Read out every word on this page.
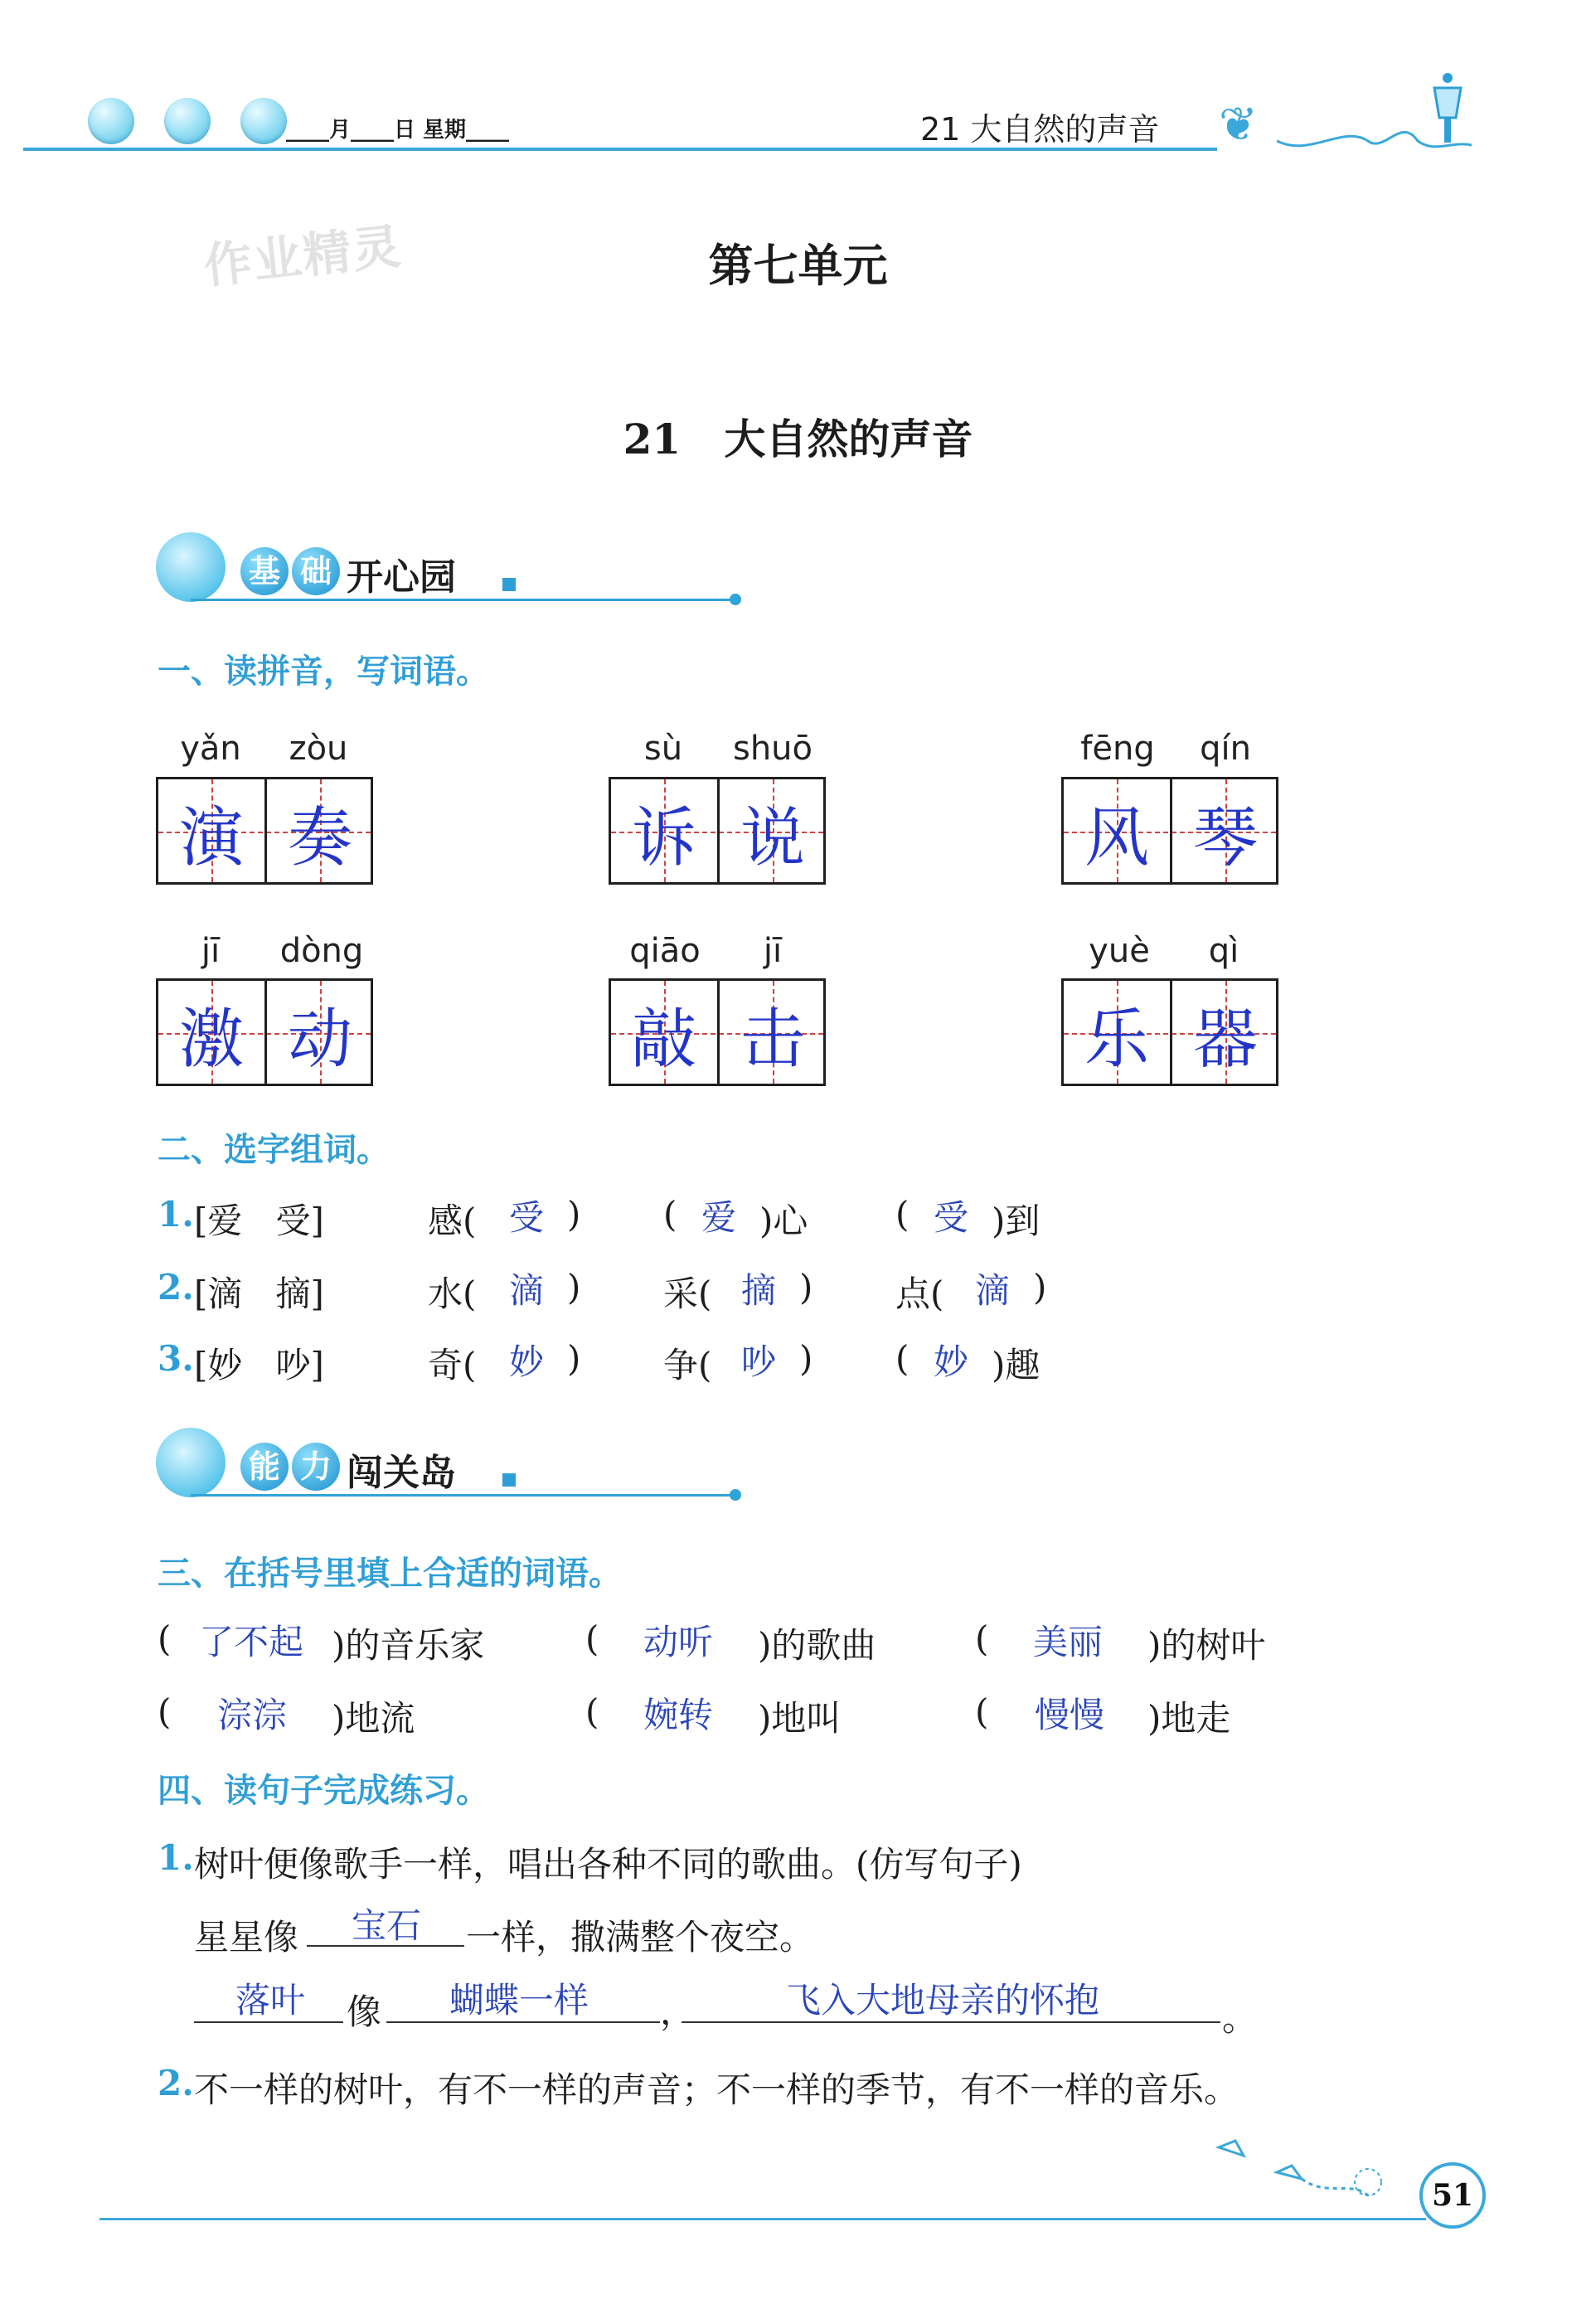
____月____日 星期____	21 大自然的声音 ❦
作业精灵	第七单元
21   大自然的声音
基 础 开心园
一、读拼音，写词语。
yǎn	zòu
演 奏
sù	shuō
诉 说
fēng	qín
风 琴
jī	dòng
激 动
qiāo	jī
敲 击
yuè	qì
乐 器
二、选字组词。
1. [爱   受]	感( 受 ) ( 爱 )心	( 受 )到
2. [滴   摘]	水( 滴 ) 采( 摘 ) 点( 滴 )
3. [妙   吵]	奇( 妙 ) 争( 吵 ) ( 妙 )趣
能 力 闯关岛
三、在括号里填上合适的词语。
( 了不起 )的音乐家	( 动听 )的歌曲	( 美丽 )的树叶
( 淙淙 )地流	( 婉转 )地叫	( 慢慢 )地走
四、读句子完成练习。
1. 树叶便像歌手一样，唱出各种不同的歌曲。(仿写句子)
星星像 宝石 一样，撒满整个夜空。
落叶 像 蝴蝶一样 ，	飞入大地母亲的怀抱	。
2. 不一样的树叶，有不一样的声音；不一样的季节，有不一样的音乐。
51
